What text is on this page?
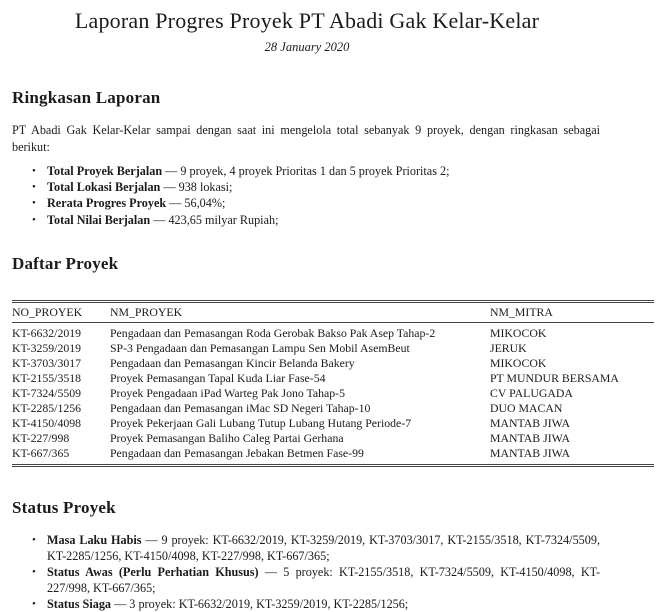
Laporan Progres Proyek PT Abadi Gak Kelar-Kelar
28 January 2020
Ringkasan Laporan

PT Abadi Gak Kelar-Kelar sampai dengan saat ini mengelola total sebanyak 9 proyek, dengan ringkasan sebagai berikut:

• Total Proyek Berjalan — 9 proyek, 4 proyek Prioritas 1 dan 5 proyek Prioritas 2;
• Total Lokasi Berjalan — 938 lokasi;
• Rerata Progres Proyek — 56,04%;
• Total Nilai Berjalan — 423,65 milyar Rupiah;
Daftar Proyek
NO_PROYEK	NM_PROYEK	NM_MITRA
KT-6632/2019	Pengadaan dan Pemasangan Roda Gerobak Bakso Pak Asep Tahap-2	MIKOCOK
KT-3259/2019	SP-3 Pengadaan dan Pemasangan Lampu Sen Mobil AsemBeut	JERUK
KT-3703/3017	Pengadaan dan Pemasangan Kincir Belanda Bakery	MIKOCOK
KT-2155/3518	Proyek Pemasangan Tapal Kuda Liar Fase-54	PT MUNDUR BERSAMA
KT-7324/5509	Proyek Pengadaan iPad Warteg Pak Jono Tahap-5	CV PALUGADA
KT-2285/1256	Pengadaan dan Pemasangan iMac SD Negeri Tahap-10	DUO MACAN
KT-4150/4098	Proyek Pekerjaan Gali Lubang Tutup Lubang Hutang Periode-7	MANTAB JIWA
KT-227/998	Proyek Pemasangan Baliho Caleg Partai Gerhana	MANTAB JIWA
KT-667/365	Pengadaan dan Pemasangan Jebakan Betmen Fase-99	MANTAB JIWA
Status Proyek
• Masa Laku Habis — 9 proyek: KT-6632/2019, KT-3259/2019, KT-3703/3017, KT-2155/3518, KT-7324/5509, KT-2285/1256, KT-4150/4098, KT-227/998, KT-667/365;
• Status Awas (Perlu Perhatian Khusus) — 5 proyek: KT-2155/3518, KT-7324/5509, KT-4150/4098, KT-227/998, KT-667/365;
• Status Siaga — 3 proyek: KT-6632/2019, KT-3259/2019, KT-2285/1256;
